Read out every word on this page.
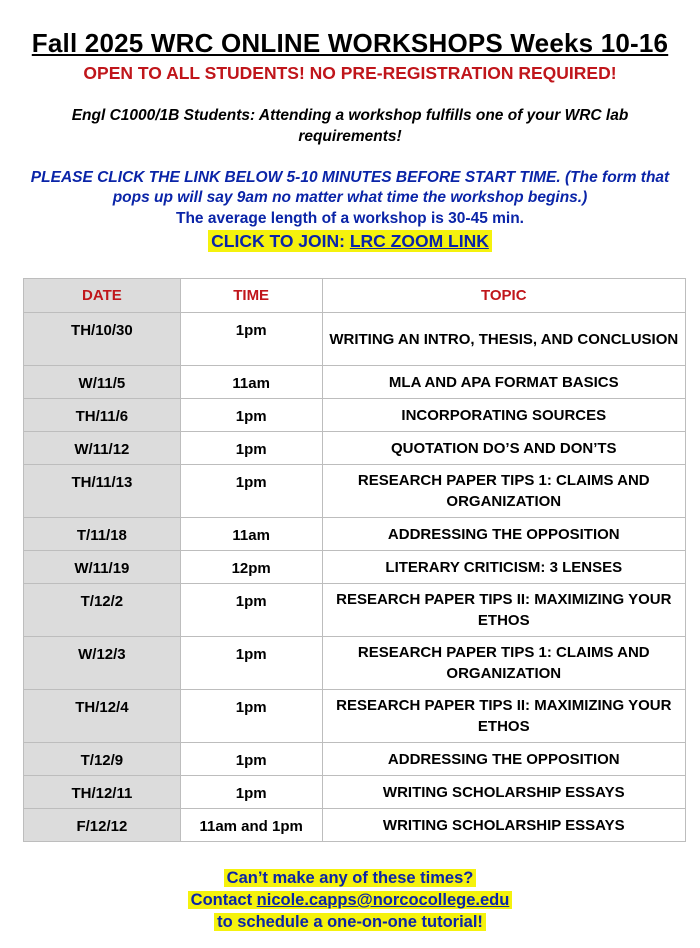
Fall 2025 WRC ONLINE WORKSHOPS Weeks 10-16
OPEN TO ALL STUDENTS! NO PRE-REGISTRATION REQUIRED!
Engl C1000/1B Students: Attending a workshop fulfills one of your WRC lab requirements!
PLEASE CLICK THE LINK BELOW 5-10 MINUTES BEFORE START TIME. (The form that pops up will say 9am no matter what time the workshop begins.)
The average length of a workshop is 30-45 min.
CLICK TO JOIN: LRC ZOOM LINK
DATE	TIME	TOPIC
TH/10/30	1pm	WRITING AN INTRO, THESIS, AND CONCLUSION
W/11/5	11am	MLA AND APA FORMAT BASICS
TH/11/6	1pm	INCORPORATING SOURCES
W/11/12	1pm	QUOTATION DO’S AND DON’TS
TH/11/13	1pm	RESEARCH PAPER TIPS 1: CLAIMS AND ORGANIZATION
T/11/18	11am	ADDRESSING THE OPPOSITION
W/11/19	12pm	LITERARY CRITICISM: 3 LENSES
T/12/2	1pm	RESEARCH PAPER TIPS II: MAXIMIZING YOUR ETHOS
W/12/3	1pm	RESEARCH PAPER TIPS 1: CLAIMS AND ORGANIZATION
TH/12/4	1pm	RESEARCH PAPER TIPS II: MAXIMIZING YOUR ETHOS
T/12/9	1pm	ADDRESSING THE OPPOSITION
TH/12/11	1pm	WRITING SCHOLARSHIP ESSAYS
F/12/12	11am and 1pm	WRITING SCHOLARSHIP ESSAYS
Can’t make any of these times?
Contact nicole.capps@norcocollege.edu
to schedule a one-on-one tutorial!
